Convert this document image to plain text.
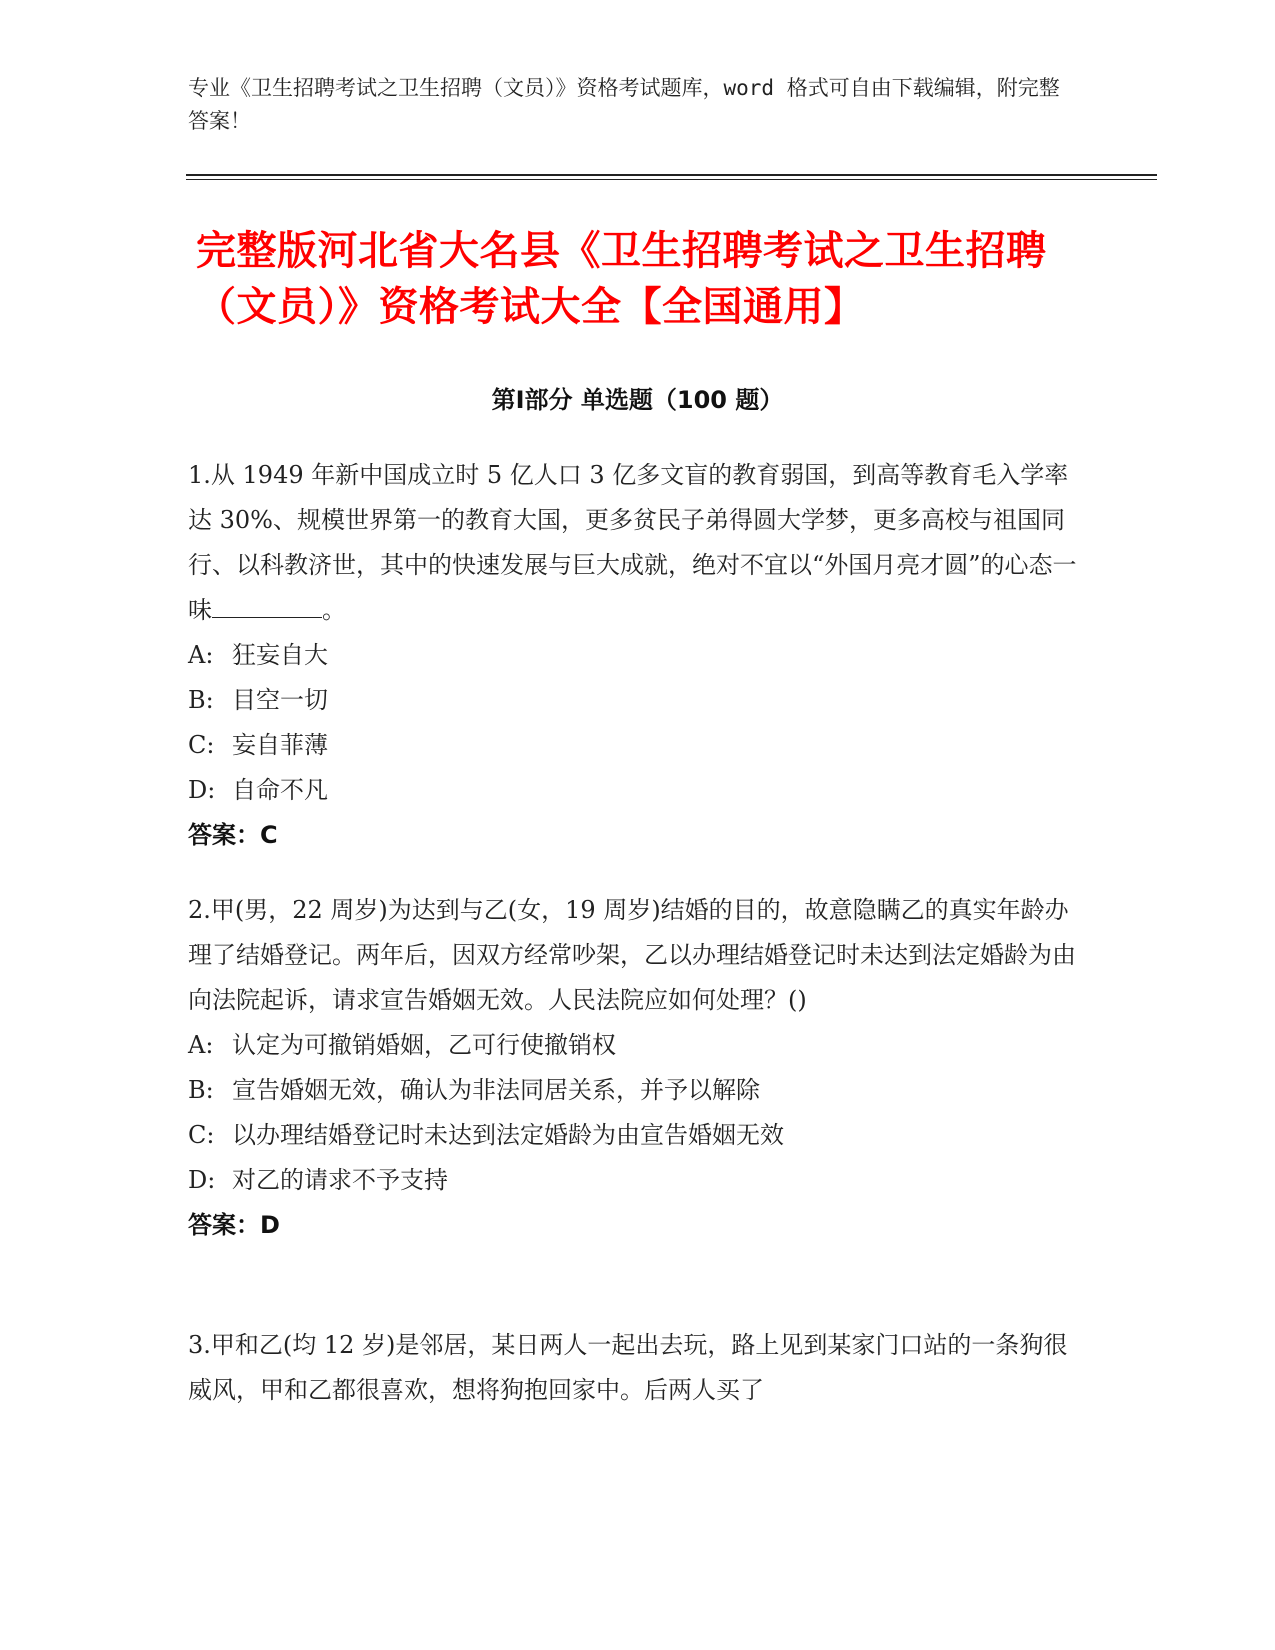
专业《卫生招聘考试之卫生招聘（文员）》资格考试题库，word 格式可自由下载编辑，附完整答案！
完整版河北省大名县《卫生招聘考试之卫生招聘（文员）》资格考试大全【全国通用】
第Ⅰ部分 单选题（100 题）

1.从 1949 年新中国成立时 5 亿人口 3 亿多文盲的教育弱国，到高等教育毛入学率达 30%、规模世界第一的教育大国，更多贫民子弟得圆大学梦，更多高校与祖国同行、以科教济世，其中的快速发展与巨大成就，绝对不宜以“外国月亮才圆”的心态一味	。

A: 狂妄自大

B: 目空一切

C: 妄自菲薄

D: 自命不凡

答案：C

2.甲(男，22 周岁)为达到与乙(女，19 周岁)结婚的目的，故意隐瞒乙的真实年龄办理了结婚登记。两年后，因双方经常吵架，乙以办理结婚登记时未达到法定婚龄为由向法院起诉，请求宣告婚姻无效。人民法院应如何处理？()

A: 认定为可撤销婚姻，乙可行使撤销权

B: 宣告婚姻无效，确认为非法同居关系，并予以解除

C: 以办理结婚登记时未达到法定婚龄为由宣告婚姻无效

D: 对乙的请求不予支持

答案：D

3.甲和乙(均 12 岁)是邻居，某日两人一起出去玩，路上见到某家门口站的一条狗很威风，甲和乙都很喜欢，想将狗抱回家中。后两人买了
